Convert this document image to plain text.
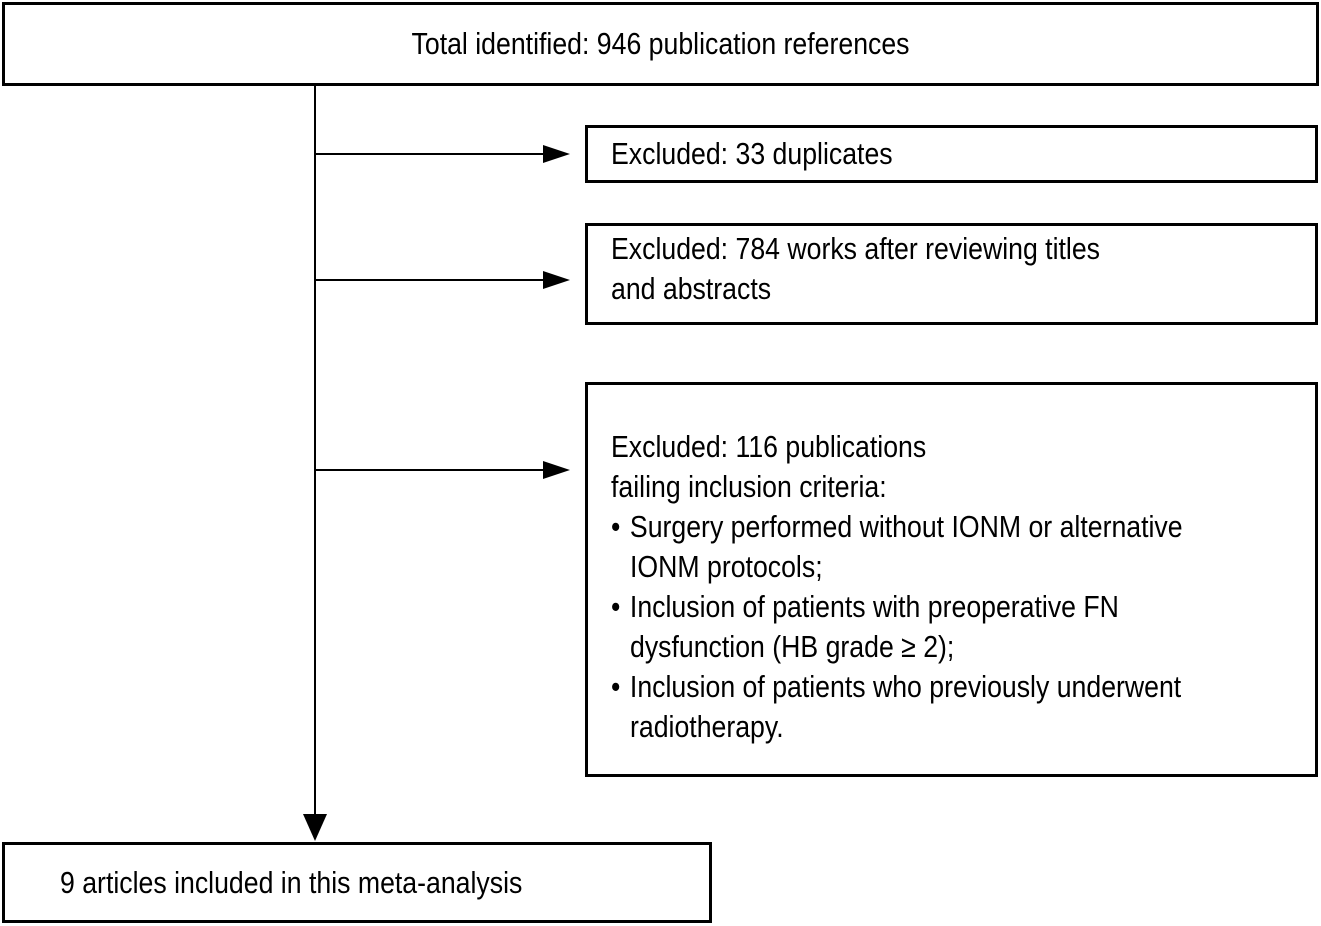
Total identified: 946 publication references
Excluded: 33 duplicates
Excluded: 784 works after reviewing titles
and abstracts
Excluded: 116 publications
failing inclusion criteria:
• Surgery performed without IONM or alternative
IONM protocols;
• Inclusion of patients with preoperative FN
dysfunction (HB grade ≥ 2);
• Inclusion of patients who previously underwent
radiotherapy.
9 articles included in this meta-analysis
